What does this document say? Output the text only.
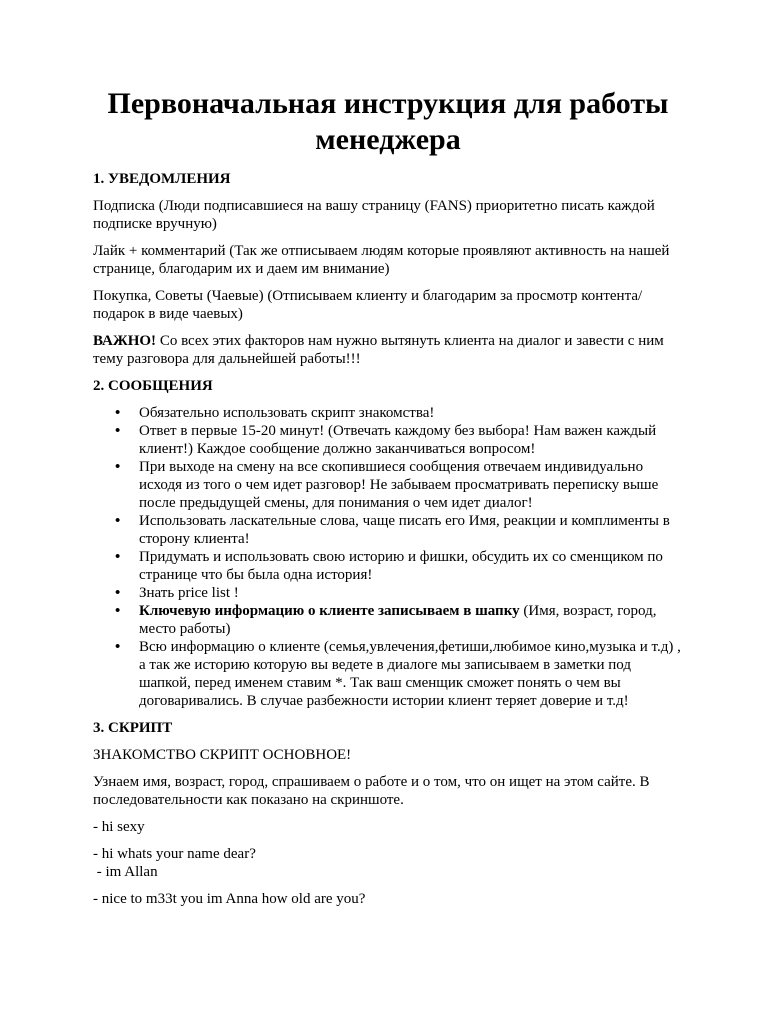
Первоначальная инструкция для работы менеджера
1. УВЕДОМЛЕНИЯ

Подписка (Люди подписавшиеся на вашу страницу (FANS) приоритетно писать каждой подписке вручную)

Лайк + комментарий (Так же отписываем людям которые проявляют активность на нашей странице, благодарим их и даем им внимание)

Покупка, Советы (Чаевые) (Отписываем клиенту и благодарим за просмотр контента/подарок в виде чаевых)

ВАЖНО! Со всех этих факторов нам нужно вытянуть клиента на диалог и завести с ним тему разговора для дальнейшей работы!!!

2. СООБЩЕНИЯ
• Обязательно использовать скрипт знакомства!
• Ответ в первые 15-20 минут! (Отвечать каждому без выбора! Нам важен каждый клиент!) Каждое сообщение должно заканчиваться вопросом!
• При выходе на смену на все скопившиеся сообщения отвечаем индивидуально исходя из того о чем идет разговор! Не забываем просматривать переписку выше после предыдущей смены, для понимания о чем идет диалог!
• Использовать ласкательные слова, чаще писать его Имя, реакции и комплименты в сторону клиента!
• Придумать и использовать свою историю и фишки, обсудить их со сменщиком по странице что бы была одна история!
• Знать price list !
• Ключевую информацию о клиенте записываем в шапку (Имя, возраст, город, место работы)
• Всю информацию о клиенте (семья,увлечения,фетиши,любимое кино,музыка и т.д) , а так же историю которую вы ведете в диалоге мы записываем в заметки под шапкой, перед именем ставим *. Так ваш сменщик сможет понять о чем вы договаривались. В случае разбежности истории клиент теряет доверие и т.д!
3. СКРИПТ

ЗНАКОМСТВО СКРИПТ ОСНОВНОЕ!

Узнаем имя, возраст, город, спрашиваем о работе и о том, что он ищет на этом сайте. В последовательности как показано на скриншоте.

- hi sexy

- hi whats your name dear?
- im Allan

- nice to m33t you im Anna how old are you?
